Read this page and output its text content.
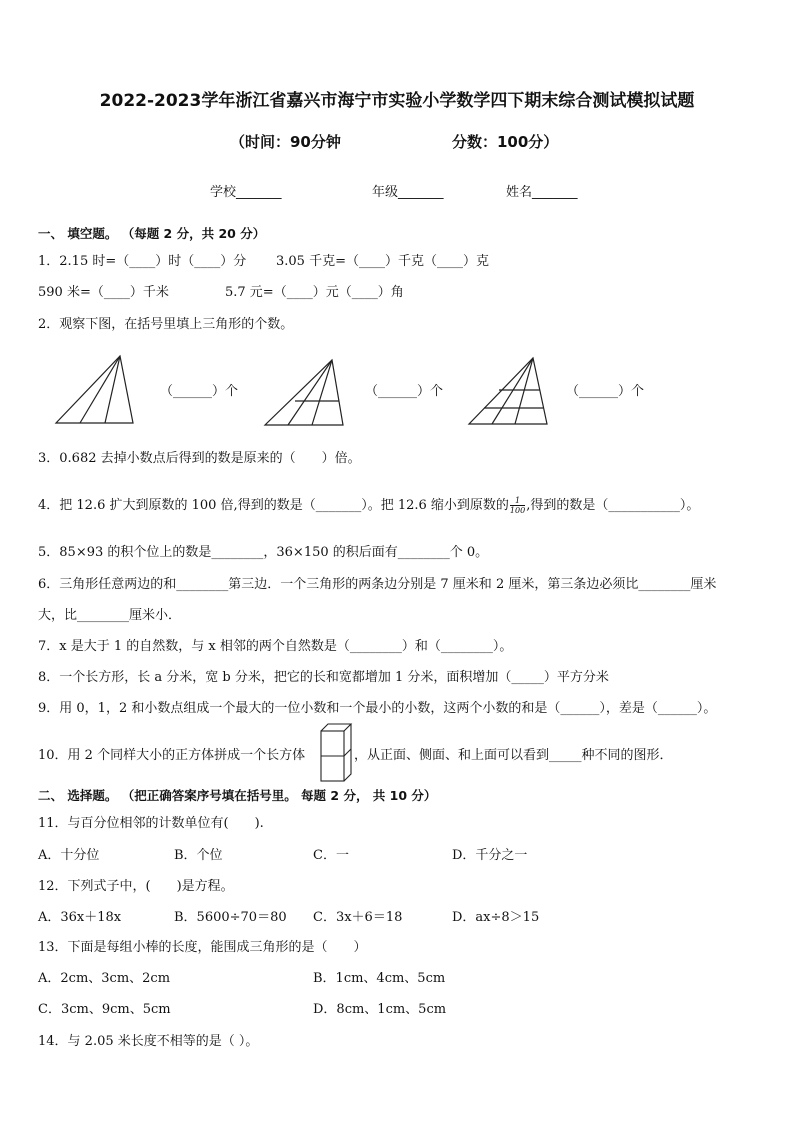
2022-2023学年浙江省嘉兴市海宁市实验小学数学四下期末综合测试模拟试题
（时间：90分钟	分数：100分）
学校_______	年级_______	姓名_______
一、 填空题。 （每题 2 分，共 20 分）
1．2.15 时=（____）时（____）分 3.05 千克=（____）千克（____）克
590 米=（____）千米	5.7 元=（____）元（____）角
2．观察下图，在括号里填上三角形的个数。
（______）个	（______）个	（______）个
3．0.682 去掉小数点后得到的数是原来的（　　）倍。
4．把 12.6 扩大到原数的 100 倍,得到的数是（_______）。把 12.6 缩小到原数的 $\frac{1}{100}$ ,得到的数是（___________）。
5．85×93 的积个位上的数是________，36×150 的积后面有________个 0。
6．三角形任意两边的和________第三边．一个三角形的两条边分别是 7 厘米和 2 厘米，第三条边必须比________厘米
大，比________厘米小．
7．x 是大于 1 的自然数，与 x 相邻的两个自然数是（________）和（________）。
8．一个长方形，长 a 分米，宽 b 分米，把它的长和宽都增加 1 分米，面积增加（_____）平方分米
9．用 0，1，2 和小数点组成一个最大的一位小数和一个最小的小数，这两个小数的和是（______），差是（______）。
10．用 2 个同样大小的正方体拼成一个长方体	，从正面、侧面、和上面可以看到_____种不同的图形．
二、 选择题。 （把正确答案序号填在括号里。 每题 2 分， 共 10 分）
11．与百分位相邻的计数单位有(　　).
A．十分位	B．个位	C．一	D．千分之一
12．下列式子中，(　　)是方程。
A．36x＋18x	B．5600÷70＝80 C．3x＋6＝18	D．ax÷8＞15
13．下面是每组小棒的长度，能围成三角形的是（　　）
A．2cm、3cm、2cm	B．1cm、4cm、5cm
C．3cm、9cm、5cm	D．8cm、1cm、5cm
14．与 2.05 米长度不相等的是（ ）。
